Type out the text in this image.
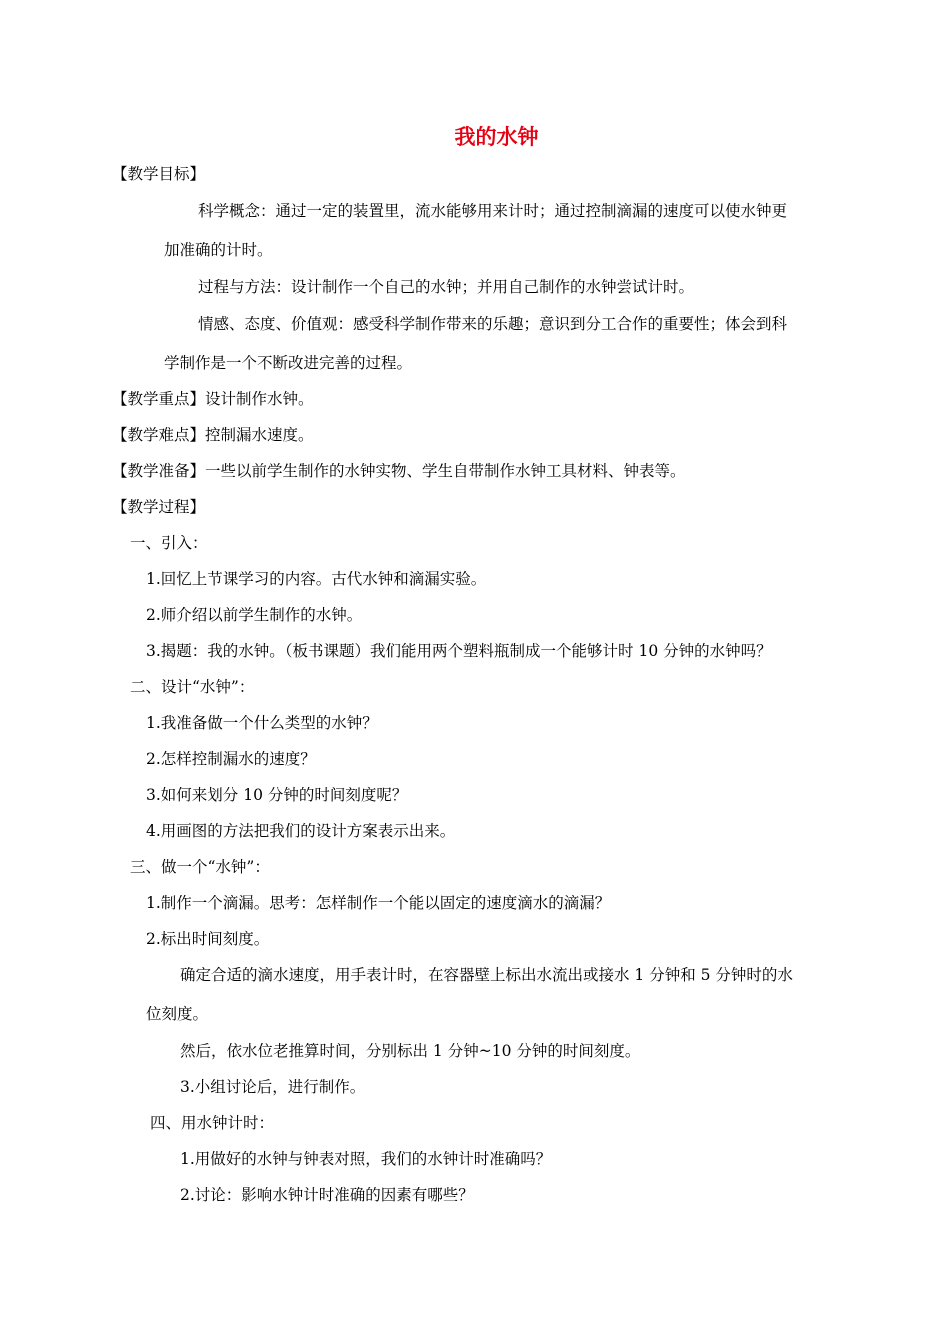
我的水钟
【教学目标】
科学概念：通过一定的装置里，流水能够用来计时；通过控制滴漏的速度可以使水钟更
加准确的计时。
过程与方法：设计制作一个自己的水钟；并用自己制作的水钟尝试计时。
情感、态度、价值观：感受科学制作带来的乐趣；意识到分工合作的重要性；体会到科
学制作是一个不断改进完善的过程。
【教学重点】设计制作水钟。
【教学难点】控制漏水速度。
【教学准备】一些以前学生制作的水钟实物、学生自带制作水钟工具材料、钟表等。
【教学过程】
一、引入：
1.回忆上节课学习的内容。古代水钟和滴漏实验。
2.师介绍以前学生制作的水钟。
3.揭题：我的水钟。（板书课题）我们能用两个塑料瓶制成一个能够计时 10 分钟的水钟吗？
二、设计“水钟”：
1.我准备做一个什么类型的水钟？
2.怎样控制漏水的速度？
3.如何来划分 10 分钟的时间刻度呢？
4.用画图的方法把我们的设计方案表示出来。
三、做一个“水钟”：
1.制作一个滴漏。思考：怎样制作一个能以固定的速度滴水的滴漏？
2.标出时间刻度。
确定合适的滴水速度，用手表计时，在容器壁上标出水流出或接水 1 分钟和 5 分钟时的水
位刻度。
然后，依水位老推算时间，分别标出 1 分钟~10 分钟的时间刻度。
3.小组讨论后，进行制作。
四、用水钟计时：
1.用做好的水钟与钟表对照，我们的水钟计时准确吗？
2.讨论：影响水钟计时准确的因素有哪些？
